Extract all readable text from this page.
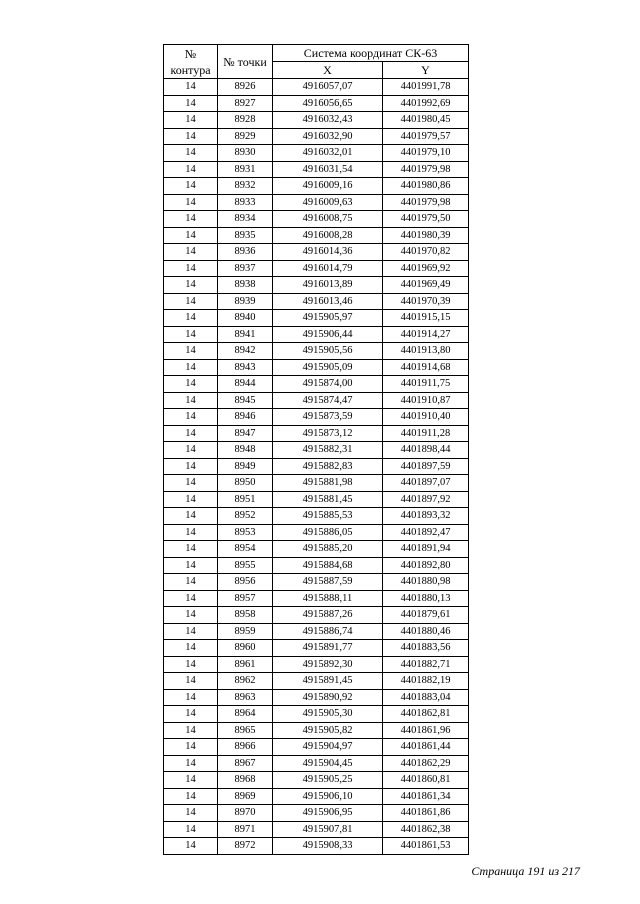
№ контура	№ точки	Система координат СК-63	
		X	Y
14	8926	4916057,07	4401991,78
14	8927	4916056,65	4401992,69
14	8928	4916032,43	4401980,45
14	8929	4916032,90	4401979,57
14	8930	4916032,01	4401979,10
14	8931	4916031,54	4401979,98
14	8932	4916009,16	4401980,86
14	8933	4916009,63	4401979,98
14	8934	4916008,75	4401979,50
14	8935	4916008,28	4401980,39
14	8936	4916014,36	4401970,82
14	8937	4916014,79	4401969,92
14	8938	4916013,89	4401969,49
14	8939	4916013,46	4401970,39
14	8940	4915905,97	4401915,15
14	8941	4915906,44	4401914,27
14	8942	4915905,56	4401913,80
14	8943	4915905,09	4401914,68
14	8944	4915874,00	4401911,75
14	8945	4915874,47	4401910,87
14	8946	4915873,59	4401910,40
14	8947	4915873,12	4401911,28
14	8948	4915882,31	4401898,44
14	8949	4915882,83	4401897,59
14	8950	4915881,98	4401897,07
14	8951	4915881,45	4401897,92
14	8952	4915885,53	4401893,32
14	8953	4915886,05	4401892,47
14	8954	4915885,20	4401891,94
14	8955	4915884,68	4401892,80
14	8956	4915887,59	4401880,98
14	8957	4915888,11	4401880,13
14	8958	4915887,26	4401879,61
14	8959	4915886,74	4401880,46
14	8960	4915891,77	4401883,56
14	8961	4915892,30	4401882,71
14	8962	4915891,45	4401882,19
14	8963	4915890,92	4401883,04
14	8964	4915905,30	4401862,81
14	8965	4915905,82	4401861,96
14	8966	4915904,97	4401861,44
14	8967	4915904,45	4401862,29
14	8968	4915905,25	4401860,81
14	8969	4915906,10	4401861,34
14	8970	4915906,95	4401861,86
14	8971	4915907,81	4401862,38
14	8972	4915908,33	4401861,53
Страница 191 из 217
